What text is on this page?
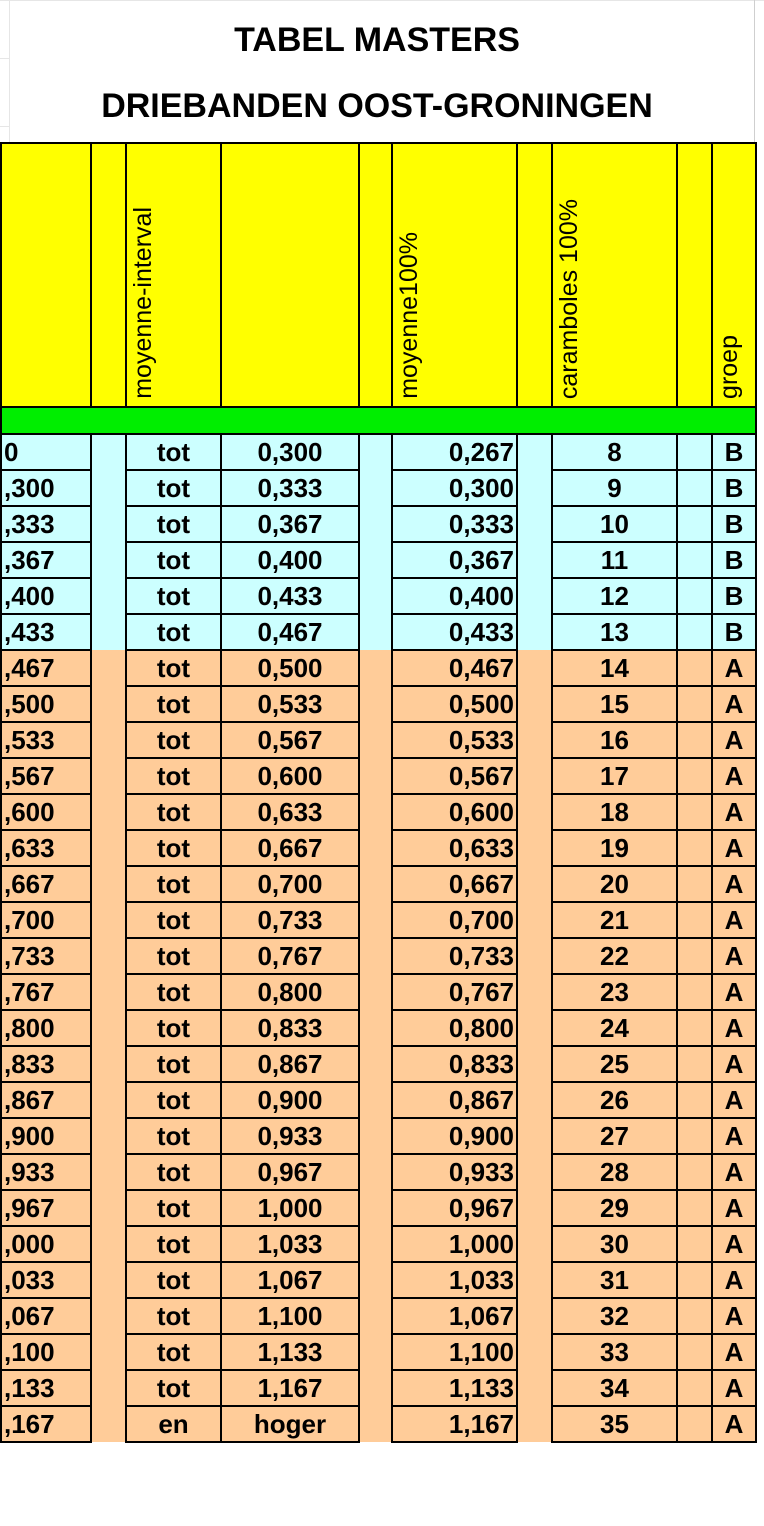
TABEL MASTERS
DRIEBANDEN OOST-GRONINGEN
		moyenne-interval			moyenne100%		caramboles 100%		groep

0		tot	0,300		0,267		8		B
,300		tot	0,333		0,300		9		B
,333		tot	0,367		0,333		10		B
,367		tot	0,400		0,367		11		B
,400		tot	0,433		0,400		12		B
,433		tot	0,467		0,433		13		B
,467		tot	0,500		0,467		14		A
,500		tot	0,533		0,500		15		A
,533		tot	0,567		0,533		16		A
,567		tot	0,600		0,567		17		A
,600		tot	0,633		0,600		18		A
,633		tot	0,667		0,633		19		A
,667		tot	0,700		0,667		20		A
,700		tot	0,733		0,700		21		A
,733		tot	0,767		0,733		22		A
,767		tot	0,800		0,767		23		A
,800		tot	0,833		0,800		24		A
,833		tot	0,867		0,833		25		A
,867		tot	0,900		0,867		26		A
,900		tot	0,933		0,900		27		A
,933		tot	0,967		0,933		28		A
,967		tot	1,000		0,967		29		A
,000		tot	1,033		1,000		30		A
,033		tot	1,067		1,033		31		A
,067		tot	1,100		1,067		32		A
,100		tot	1,133		1,100		33		A
,133		tot	1,167		1,133		34		A
,167		en	hoger		1,167		35		A
